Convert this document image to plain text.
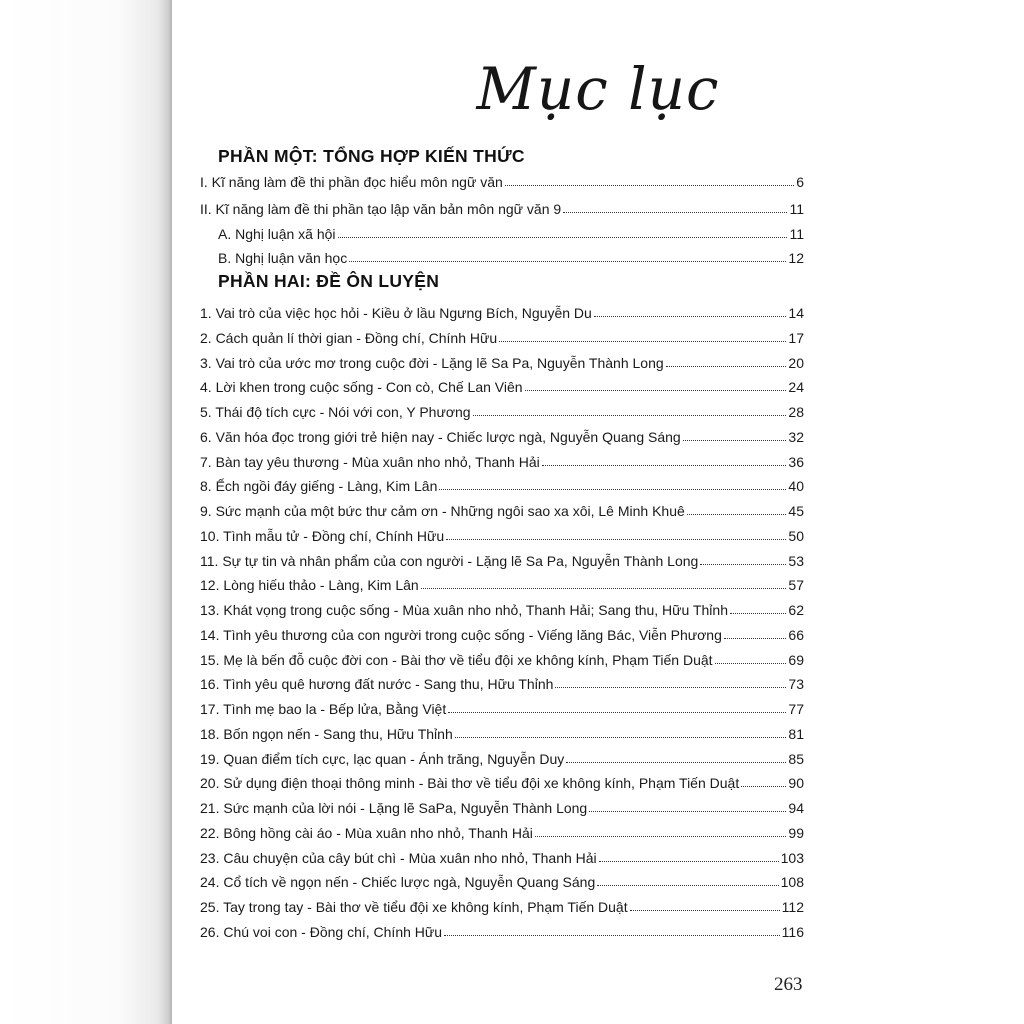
Mục lục
PHẦN MỘT: TỔNG HỢP KIẾN THỨC
I. Kĩ năng làm đề thi phần đọc hiểu môn ngữ văn	6
II. Kĩ năng làm đề thi phần tạo lập văn bản môn ngữ văn 9	11
A. Nghị luận xã hội	11
B. Nghị luận văn học	12
PHẦN HAI: ĐỀ ÔN LUYỆN
1. Vai trò của việc học hỏi - Kiều ở lầu Ngưng Bích, Nguyễn Du	14
2. Cách quản lí thời gian - Đồng chí, Chính Hữu	17
3. Vai trò của ước mơ trong cuộc đời - Lặng lẽ Sa Pa, Nguyễn Thành Long	20
4. Lời khen trong cuộc sống - Con cò, Chế Lan Viên	24
5. Thái độ tích cực - Nói với con, Y Phương	28
6. Văn hóa đọc trong giới trẻ hiện nay - Chiếc lược ngà, Nguyễn Quang Sáng	32
7. Bàn tay yêu thương - Mùa xuân nho nhỏ, Thanh Hải	36
8. Ếch ngồi đáy giếng - Làng, Kim Lân	40
9. Sức mạnh của một bức thư cảm ơn - Những ngôi sao xa xôi, Lê Minh Khuê	45
10. Tình mẫu tử - Đồng chí, Chính Hữu	50
11. Sự tự tin và nhân phẩm của con người - Lặng lẽ Sa Pa, Nguyễn Thành Long	53
12. Lòng hiếu thảo - Làng, Kim Lân	57
13. Khát vọng trong cuộc sống - Mùa xuân nho nhỏ, Thanh Hải; Sang thu, Hữu Thỉnh	62
14. Tình yêu thương của con người trong cuộc sống - Viếng lăng Bác, Viễn Phương	66
15. Mẹ là bến đỗ cuộc đời con - Bài thơ về tiểu đội xe không kính, Phạm Tiến Duật	69
16. Tình yêu quê hương đất nước - Sang thu, Hữu Thỉnh	73
17. Tình mẹ bao la - Bếp lửa, Bằng Việt	77
18. Bốn ngọn nến - Sang thu, Hữu Thỉnh	81
19. Quan điểm tích cực, lạc quan - Ánh trăng, Nguyễn Duy	85
20. Sử dụng điện thoại thông minh - Bài thơ về tiểu đội xe không kính, Phạm Tiến Duật	90
21. Sức mạnh của lời nói - Lặng lẽ SaPa, Nguyễn Thành Long	94
22. Bông hồng cài áo - Mùa xuân nho nhỏ, Thanh Hải	99
23. Câu chuyện của cây bút chì - Mùa xuân nho nhỏ, Thanh Hải	103
24. Cổ tích về ngọn nến - Chiếc lược ngà, Nguyễn Quang Sáng	108
25. Tay trong tay - Bài thơ về tiểu đội xe không kính, Phạm Tiến Duật	112
26. Chú voi con - Đồng chí, Chính Hữu	116
263
